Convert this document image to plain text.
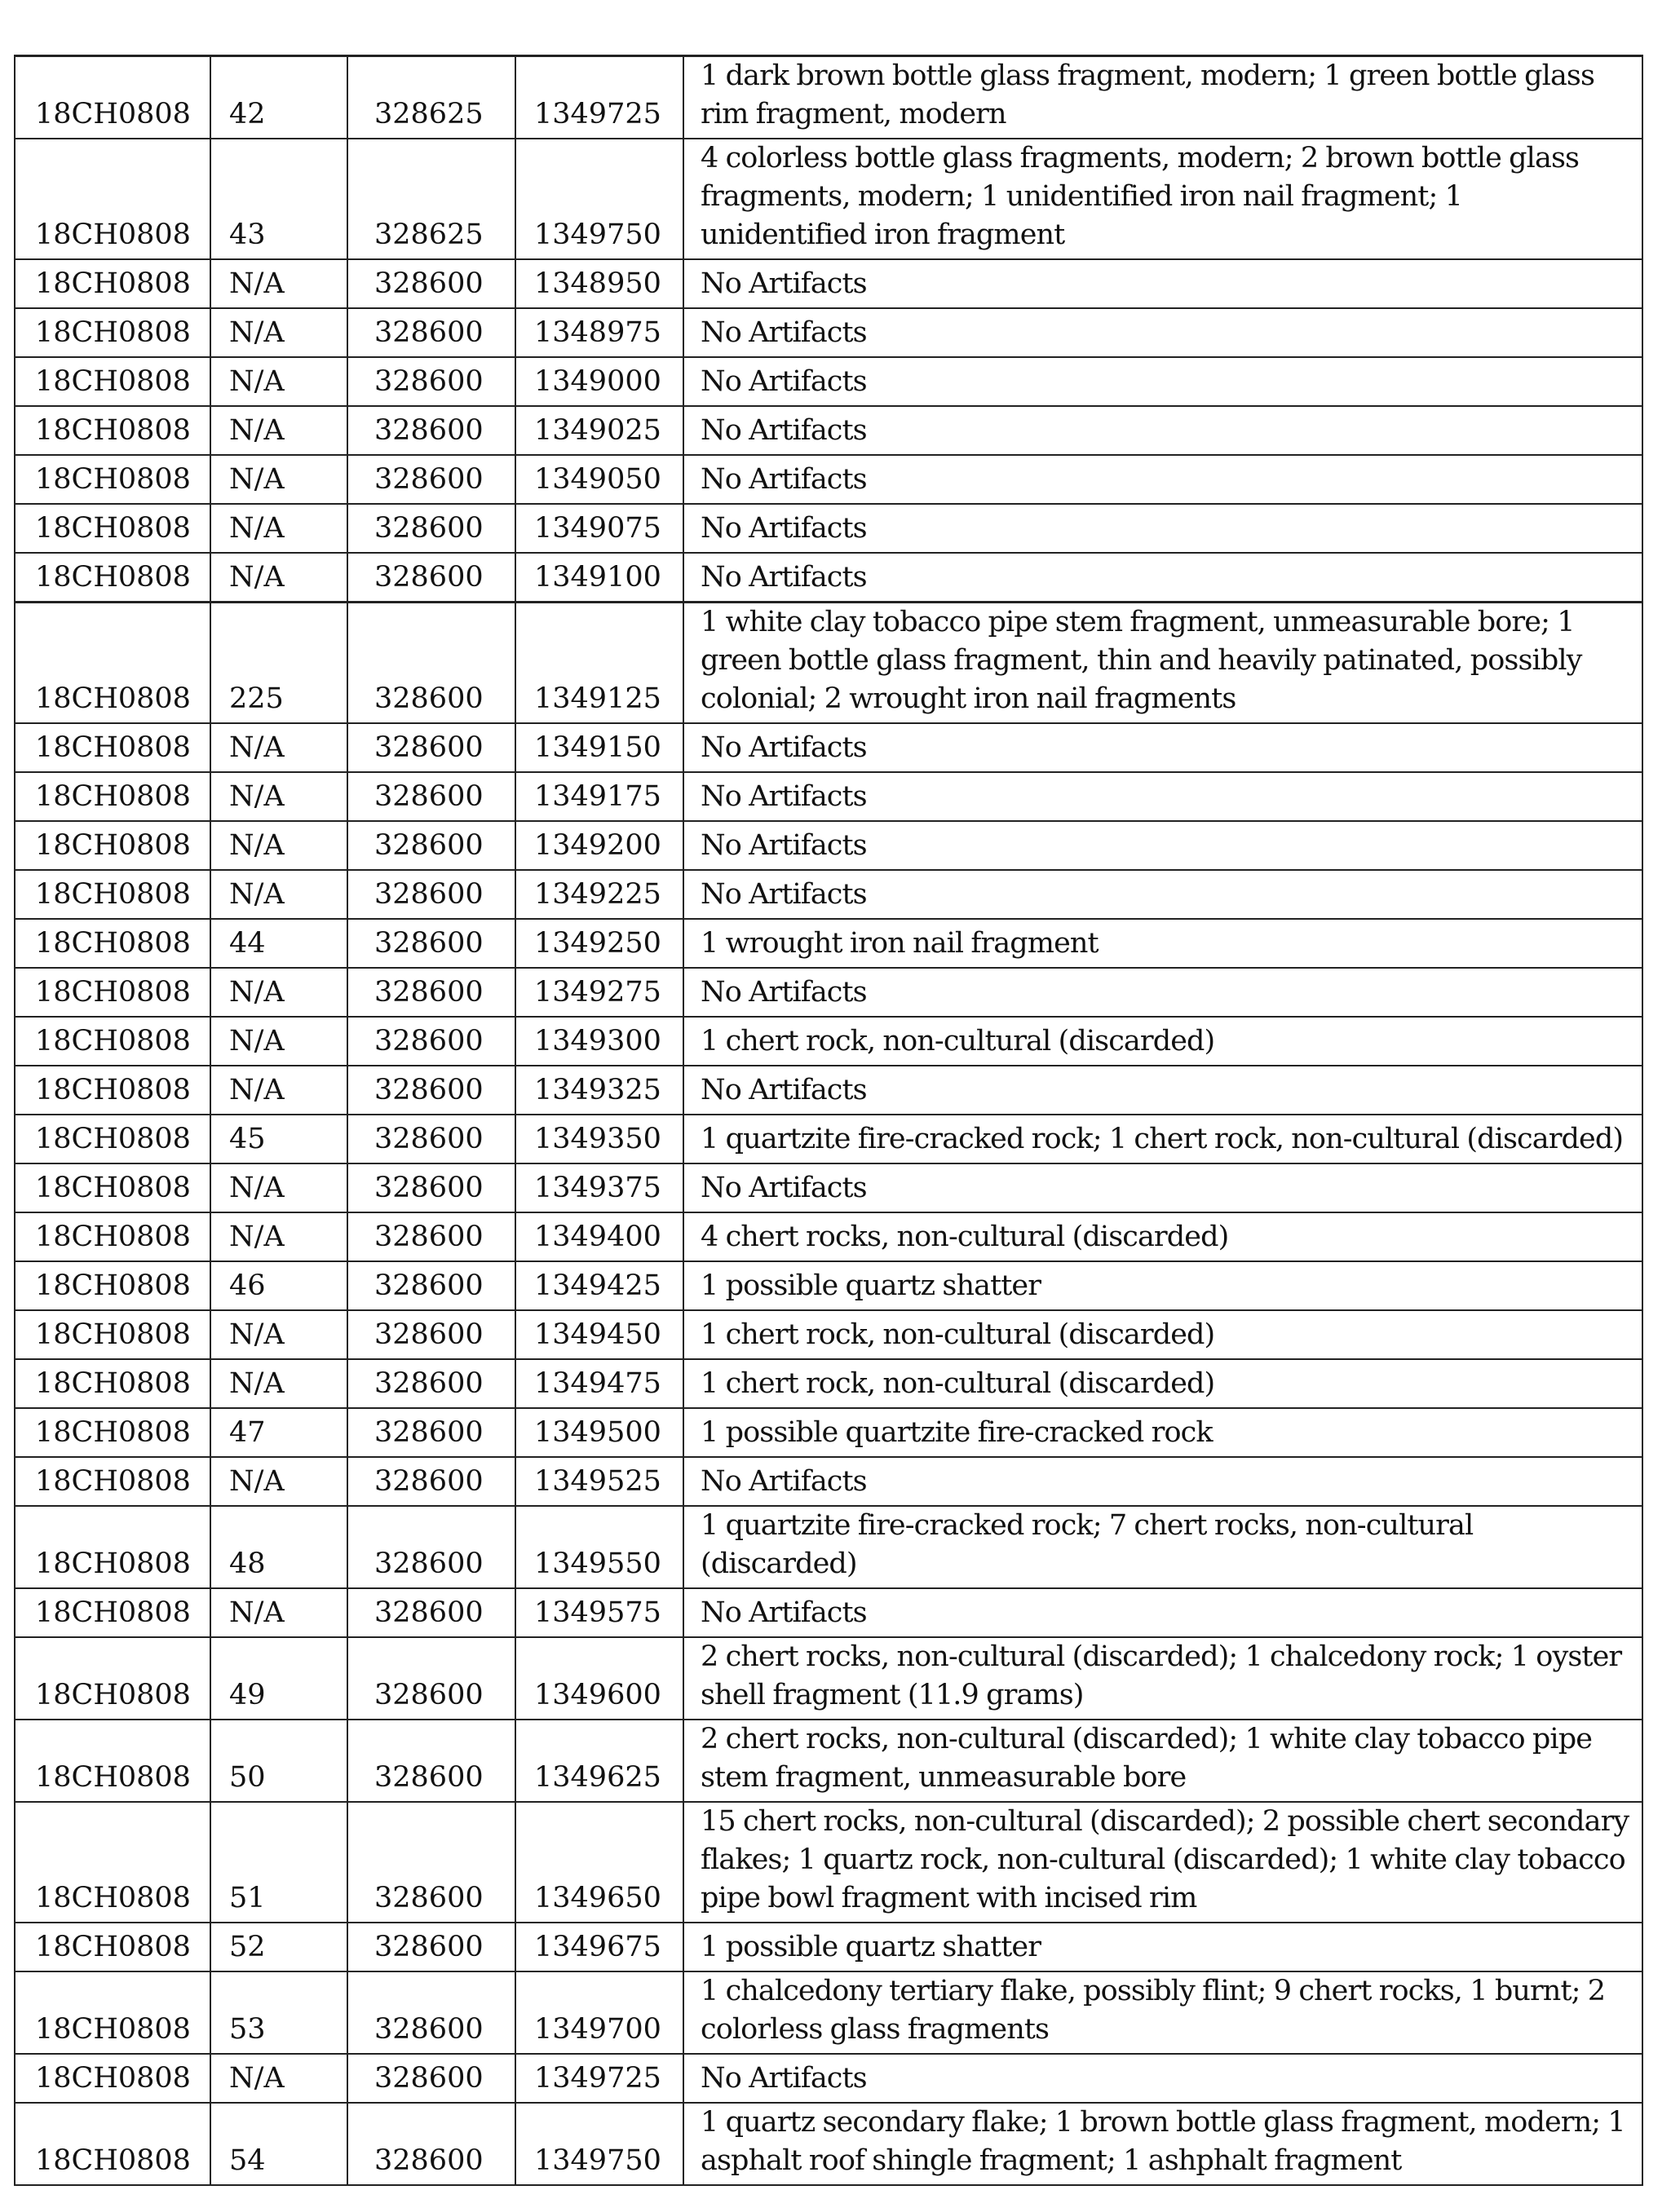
18CH0808	42	328625	1349725	1 dark brown bottle glass fragment, modern; 1 green bottle glass rim fragment, modern
18CH0808	43	328625	1349750	4 colorless bottle glass fragments, modern; 2 brown bottle glass fragments, modern; 1 unidentified iron nail fragment; 1 unidentified iron fragment
18CH0808	N/A	328600	1348950	No Artifacts
18CH0808	N/A	328600	1348975	No Artifacts
18CH0808	N/A	328600	1349000	No Artifacts
18CH0808	N/A	328600	1349025	No Artifacts
18CH0808	N/A	328600	1349050	No Artifacts
18CH0808	N/A	328600	1349075	No Artifacts
18CH0808	N/A	328600	1349100	No Artifacts
18CH0808	225	328600	1349125	1 white clay tobacco pipe stem fragment, unmeasurable bore; 1 green bottle glass fragment, thin and heavily patinated, possibly colonial; 2 wrought iron nail fragments
18CH0808	N/A	328600	1349150	No Artifacts
18CH0808	N/A	328600	1349175	No Artifacts
18CH0808	N/A	328600	1349200	No Artifacts
18CH0808	N/A	328600	1349225	No Artifacts
18CH0808	44	328600	1349250	1 wrought iron nail fragment
18CH0808	N/A	328600	1349275	No Artifacts
18CH0808	N/A	328600	1349300	1 chert rock, non-cultural (discarded)
18CH0808	N/A	328600	1349325	No Artifacts
18CH0808	45	328600	1349350	1 quartzite fire-cracked rock; 1 chert rock, non-cultural (discarded)
18CH0808	N/A	328600	1349375	No Artifacts
18CH0808	N/A	328600	1349400	4 chert rocks, non-cultural (discarded)
18CH0808	46	328600	1349425	1 possible quartz shatter
18CH0808	N/A	328600	1349450	1 chert rock, non-cultural (discarded)
18CH0808	N/A	328600	1349475	1 chert rock, non-cultural (discarded)
18CH0808	47	328600	1349500	1 possible quartzite fire-cracked rock
18CH0808	N/A	328600	1349525	No Artifacts
18CH0808	48	328600	1349550	1 quartzite fire-cracked rock; 7 chert rocks, non-cultural (discarded)
18CH0808	N/A	328600	1349575	No Artifacts
18CH0808	49	328600	1349600	2 chert rocks, non-cultural (discarded); 1 chalcedony rock; 1 oyster shell fragment (11.9 grams)
18CH0808	50	328600	1349625	2 chert rocks, non-cultural (discarded); 1 white clay tobacco pipe stem fragment, unmeasurable bore
18CH0808	51	328600	1349650	15 chert rocks, non-cultural (discarded); 2 possible chert secondary flakes; 1 quartz rock, non-cultural (discarded); 1 white clay tobacco pipe bowl fragment with incised rim
18CH0808	52	328600	1349675	1 possible quartz shatter
18CH0808	53	328600	1349700	1 chalcedony tertiary flake, possibly flint; 9 chert rocks, 1 burnt; 2 colorless glass fragments
18CH0808	N/A	328600	1349725	No Artifacts
18CH0808	54	328600	1349750	1 quartz secondary flake; 1 brown bottle glass fragment, modern; 1 asphalt roof shingle fragment; 1 ashphalt fragment
